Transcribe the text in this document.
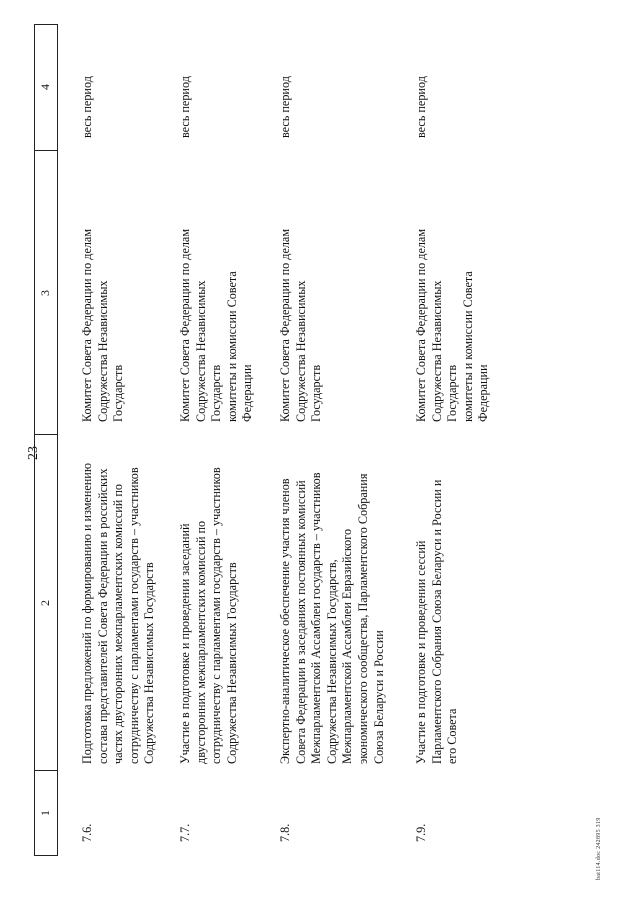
23
1
2
3
4
7.6.
Подготовка предложений по формированию и изменению состава представителей Совета Федерации в российских частях двусторонних межпарламентских комиссий по сотрудничеству с парламентами государств – участников Содружества Независимых Государств
Комитет Совета Федерации по делам Содружества Независимых Государств
весь период
7.7.
Участие в подготовке и проведении заседаний двусторонних межпарламентских комиссий по сотрудничеству с парламентами государств – участников Содружества Независимых Государств
Комитет Совета Федерации по делам Содружества Независимых Государств комитеты и комиссии Совета Федерации
весь период
7.8.
Экспертно-аналитическое обеспечение участия членов Совета Федерации в заседаниях постоянных комиссий Межпарламентской Ассамблеи государств – участников Содружества Независимых Государств, Межпарламентской Ассамблеи Евразийского экономического сообщества, Парламентского Собрания Союза Беларуси и России
Комитет Совета Федерации по делам Содружества Независимых Государств
весь период
7.9.
Участие в подготовке и проведении сессий Парламентского Собрания Союза Беларуси и России и его Совета
Комитет Совета Федерации по делам Содружества Независимых Государств комитеты и комиссии Совета Федерации
весь период
bat114.doc 242895 319
